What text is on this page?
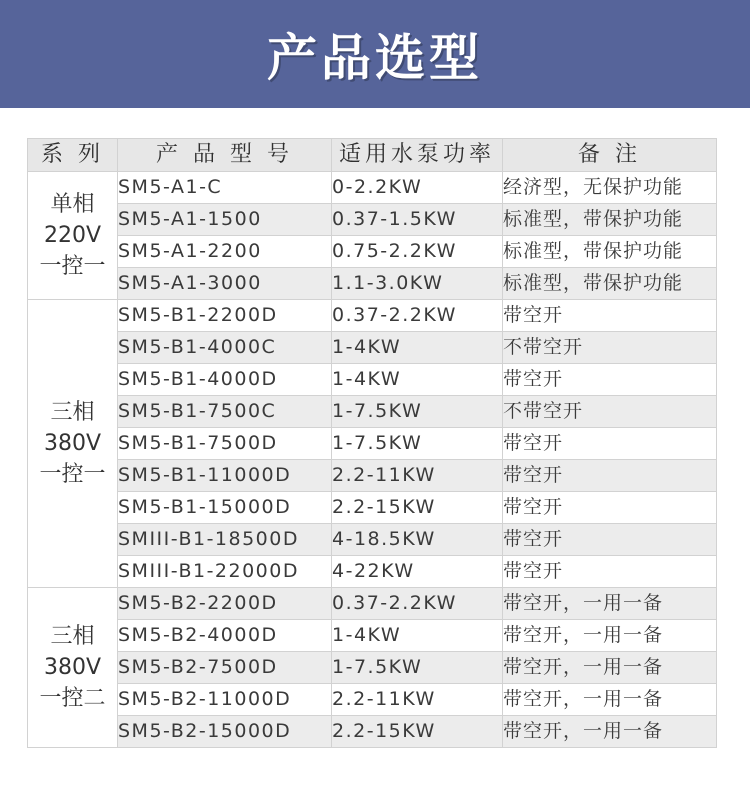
产品选型
系 列	产 品 型 号	适用水泵功率	备 注

单相
220V
一控一	SM5-A1-C	0-2.2KW	经济型，无保护功能
	SM5-A1-1500	0.37-1.5KW	标准型，带保护功能
	SM5-A1-2200	0.75-2.2KW	标准型，带保护功能
	SM5-A1-3000	1.1-3.0KW	标准型，带保护功能

三相
380V
一控一	SM5-B1-2200D	0.37-2.2KW	带空开
	SM5-B1-4000C	1-4KW	不带空开
	SM5-B1-4000D	1-4KW	带空开
	SM5-B1-7500C	1-7.5KW	不带空开
	SM5-B1-7500D	1-7.5KW	带空开
	SM5-B1-11000D	2.2-11KW	带空开
	SM5-B1-15000D	2.2-15KW	带空开
	SMIII-B1-18500D	4-18.5KW	带空开
	SMIII-B1-22000D	4-22KW	带空开

三相
380V
一控二	SM5-B2-2200D	0.37-2.2KW	带空开，一用一备
	SM5-B2-4000D	1-4KW	带空开，一用一备
	SM5-B2-7500D	1-7.5KW	带空开，一用一备
	SM5-B2-11000D	2.2-11KW	带空开，一用一备
	SM5-B2-15000D	2.2-15KW	带空开，一用一备
